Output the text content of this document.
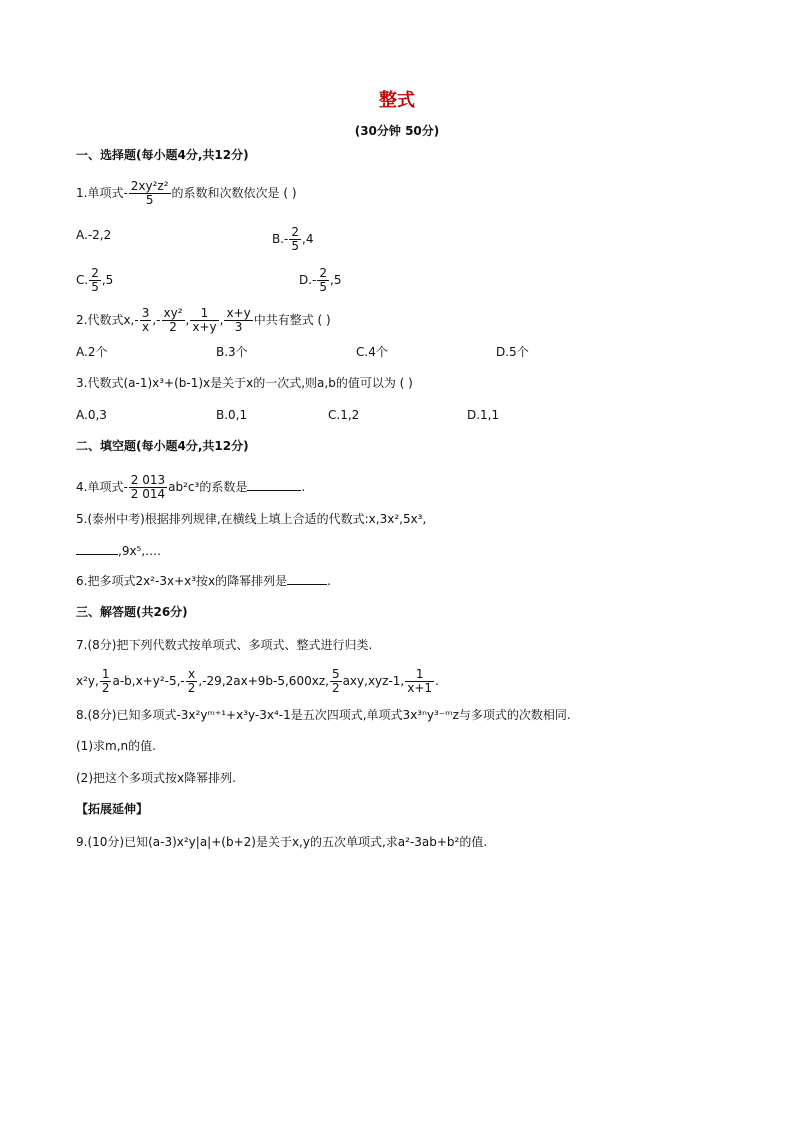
整式
(30分钟 50分)
一、选择题(每小题4分,共12分)
1.单项式- $\frac{\text{2xy²z²}}{5}$ 的系数和次数依次是 ( )
A.-2,2	$B.- \frac{2}{5} ,4$
C. $\frac{2}{5} ,5$	$D.- \frac{2}{5} ,5$
2.代数式$x,- \frac{3}{x}$ ,- $\frac{\text{xy²}}{2}$ , $\frac{1}{x+y}$ , $\frac{x+y}{3}$ 中共有整式 ( )
A.2个	B.3个	C.4个	D.5个
3.代数式(a-1)x³+(b-1)x是关于x的一次式,则a,b的值可以为 ( )
A.0,3	B.0,1	C.1,2	D.1,1
二、填空题(每小题4分,共12分)
4.单项式- $\frac{2 013}{2 014} ab^2c^3$的系数是	.
5.(泰州中考)根据排列规律,在横线上填上合适的代数式:x,3x²,5x³,
,9x⁵,….
6.把多项式2x²-3x+x³按x的降幂排列是	.
三、解答题(共26分)
7.(8分)把下列代数式按单项式、多项式、整式进行归类.
x²y, $\frac{1}{2} a-b,x+y^2-5,- \frac{x}{2} ,-29,2ax+9b-5,600xz$, $\frac{5}{2} axy,xyz-1$, $\frac{1}{x+1}$ .
8.(8分)已知多项式-3x²yᵐ⁺¹+x³y-3x⁴-1是五次四项式,单项式3x³ⁿy³⁻ᵐz与多项式的次数相同.
(1)求m,n的值.
(2)把这个多项式按x降幂排列.
【拓展延伸】
9.(10分)已知(a-3)x²y|a|+(b+2)是关于x,y的五次单项式,求a²-3ab+b²的值.
